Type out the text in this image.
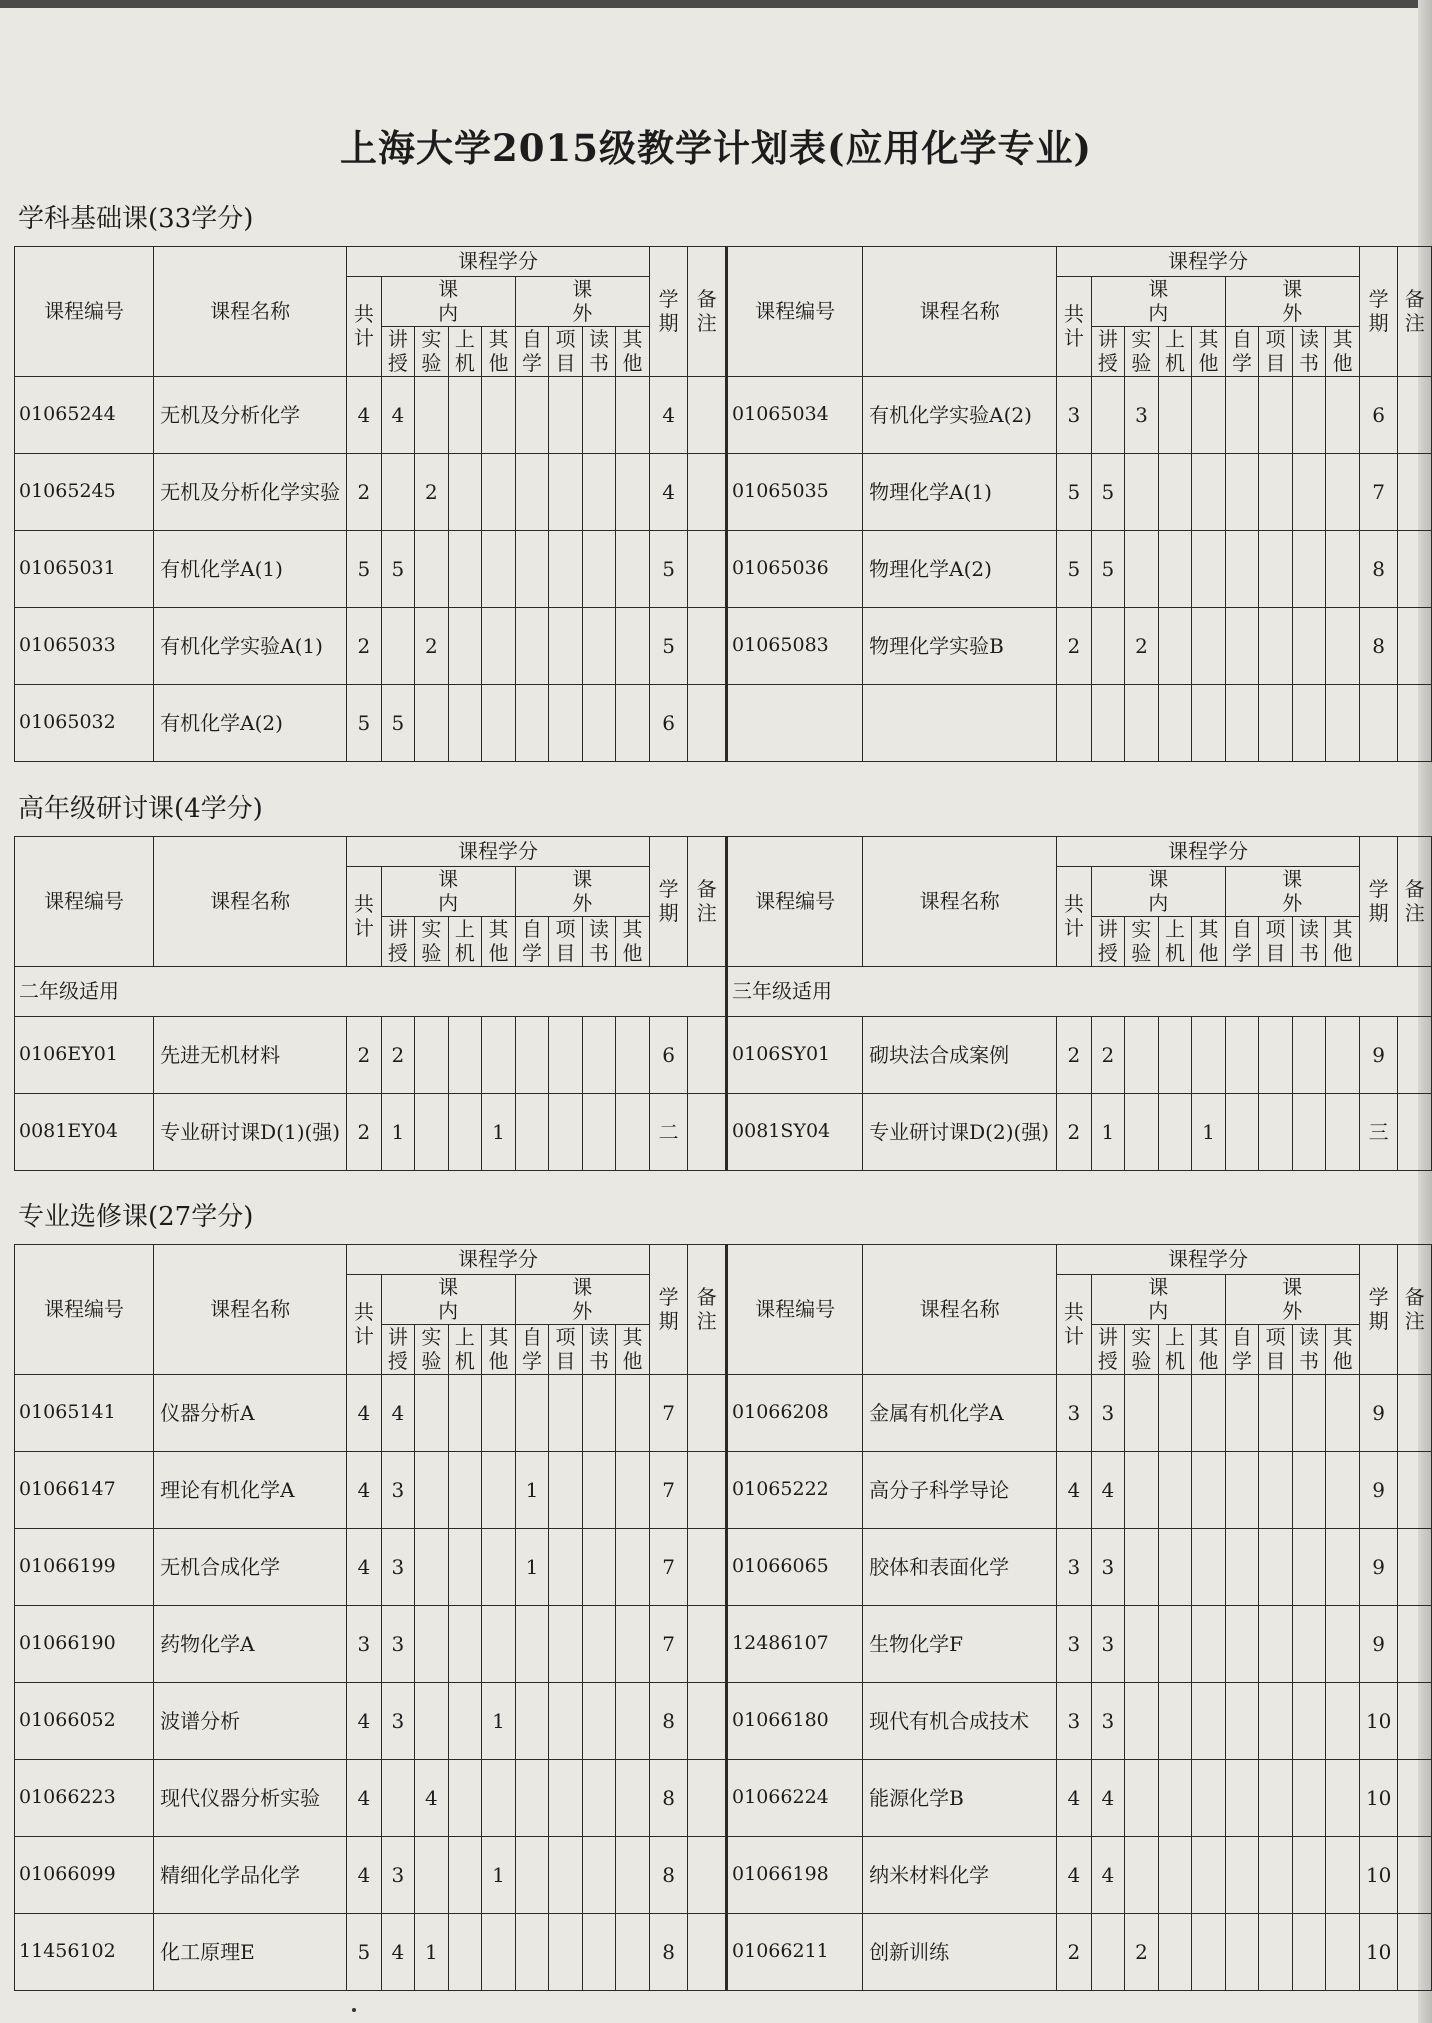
上海大学2015级教学计划表(应用化学专业)
学科基础课(33学分)
课程编号	课程名称	课程学分									学期	备注	课程编号	课程名称	课程学分									学期	备注
		共计	课内				课外								共计	课内				课外					
			讲授	实验	上机	其他	自学	项目	读书	其他						讲授	实验	上机	其他	自学	项目	读书	其他		
01065244	无机及分析化学	4	4								4		01065034	有机化学实验A(2)	3		3							6	
01065245	无机及分析化学实验	2		2							4		01065035	物理化学A(1)	5	5								7	
01065031	有机化学A(1)	5	5								5		01065036	物理化学A(2)	5	5								8	
01065033	有机化学实验A(1)	2		2							5		01065083	物理化学实验B	2		2							8	
01065032	有机化学A(2)	5	5								6														
高年级研讨课(4学分)
课程编号	课程名称	课程学分									学期	备注	课程编号	课程名称	课程学分									学期	备注
		共计	课内				课外								共计	课内				课外					
			讲授	实验	上机	其他	自学	项目	读书	其他						讲授	实验	上机	其他	自学	项目	读书	其他		
二年级适用													三年级适用												
0106EY01	先进无机材料	2	2								6		0106SY01	砌块法合成案例	2	2								9	
0081EY04	专业研讨课D(1)(强)	2	1			1					二		0081SY04	专业研讨课D(2)(强)	2	1			1					三	
专业选修课(27学分)
课程编号	课程名称	课程学分									学期	备注	课程编号	课程名称	课程学分									学期	备注
		共计	课内				课外								共计	课内				课外					
			讲授	实验	上机	其他	自学	项目	读书	其他						讲授	实验	上机	其他	自学	项目	读书	其他		
01065141	仪器分析A	4	4								7		01066208	金属有机化学A	3	3								9	
01066147	理论有机化学A	4	3				1				7		01065222	高分子科学导论	4	4								9	
01066199	无机合成化学	4	3				1				7		01066065	胶体和表面化学	3	3								9	
01066190	药物化学A	3	3								7		12486107	生物化学F	3	3								9	
01066052	波谱分析	4	3			1					8		01066180	现代有机合成技术	3	3								10	
01066223	现代仪器分析实验	4		4							8		01066224	能源化学B	4	4								10	
01066099	精细化学品化学	4	3			1					8		01066198	纳米材料化学	4	4								10	
11456102	化工原理E	5	4	1							8		01066211	创新训练	2		2							10	
